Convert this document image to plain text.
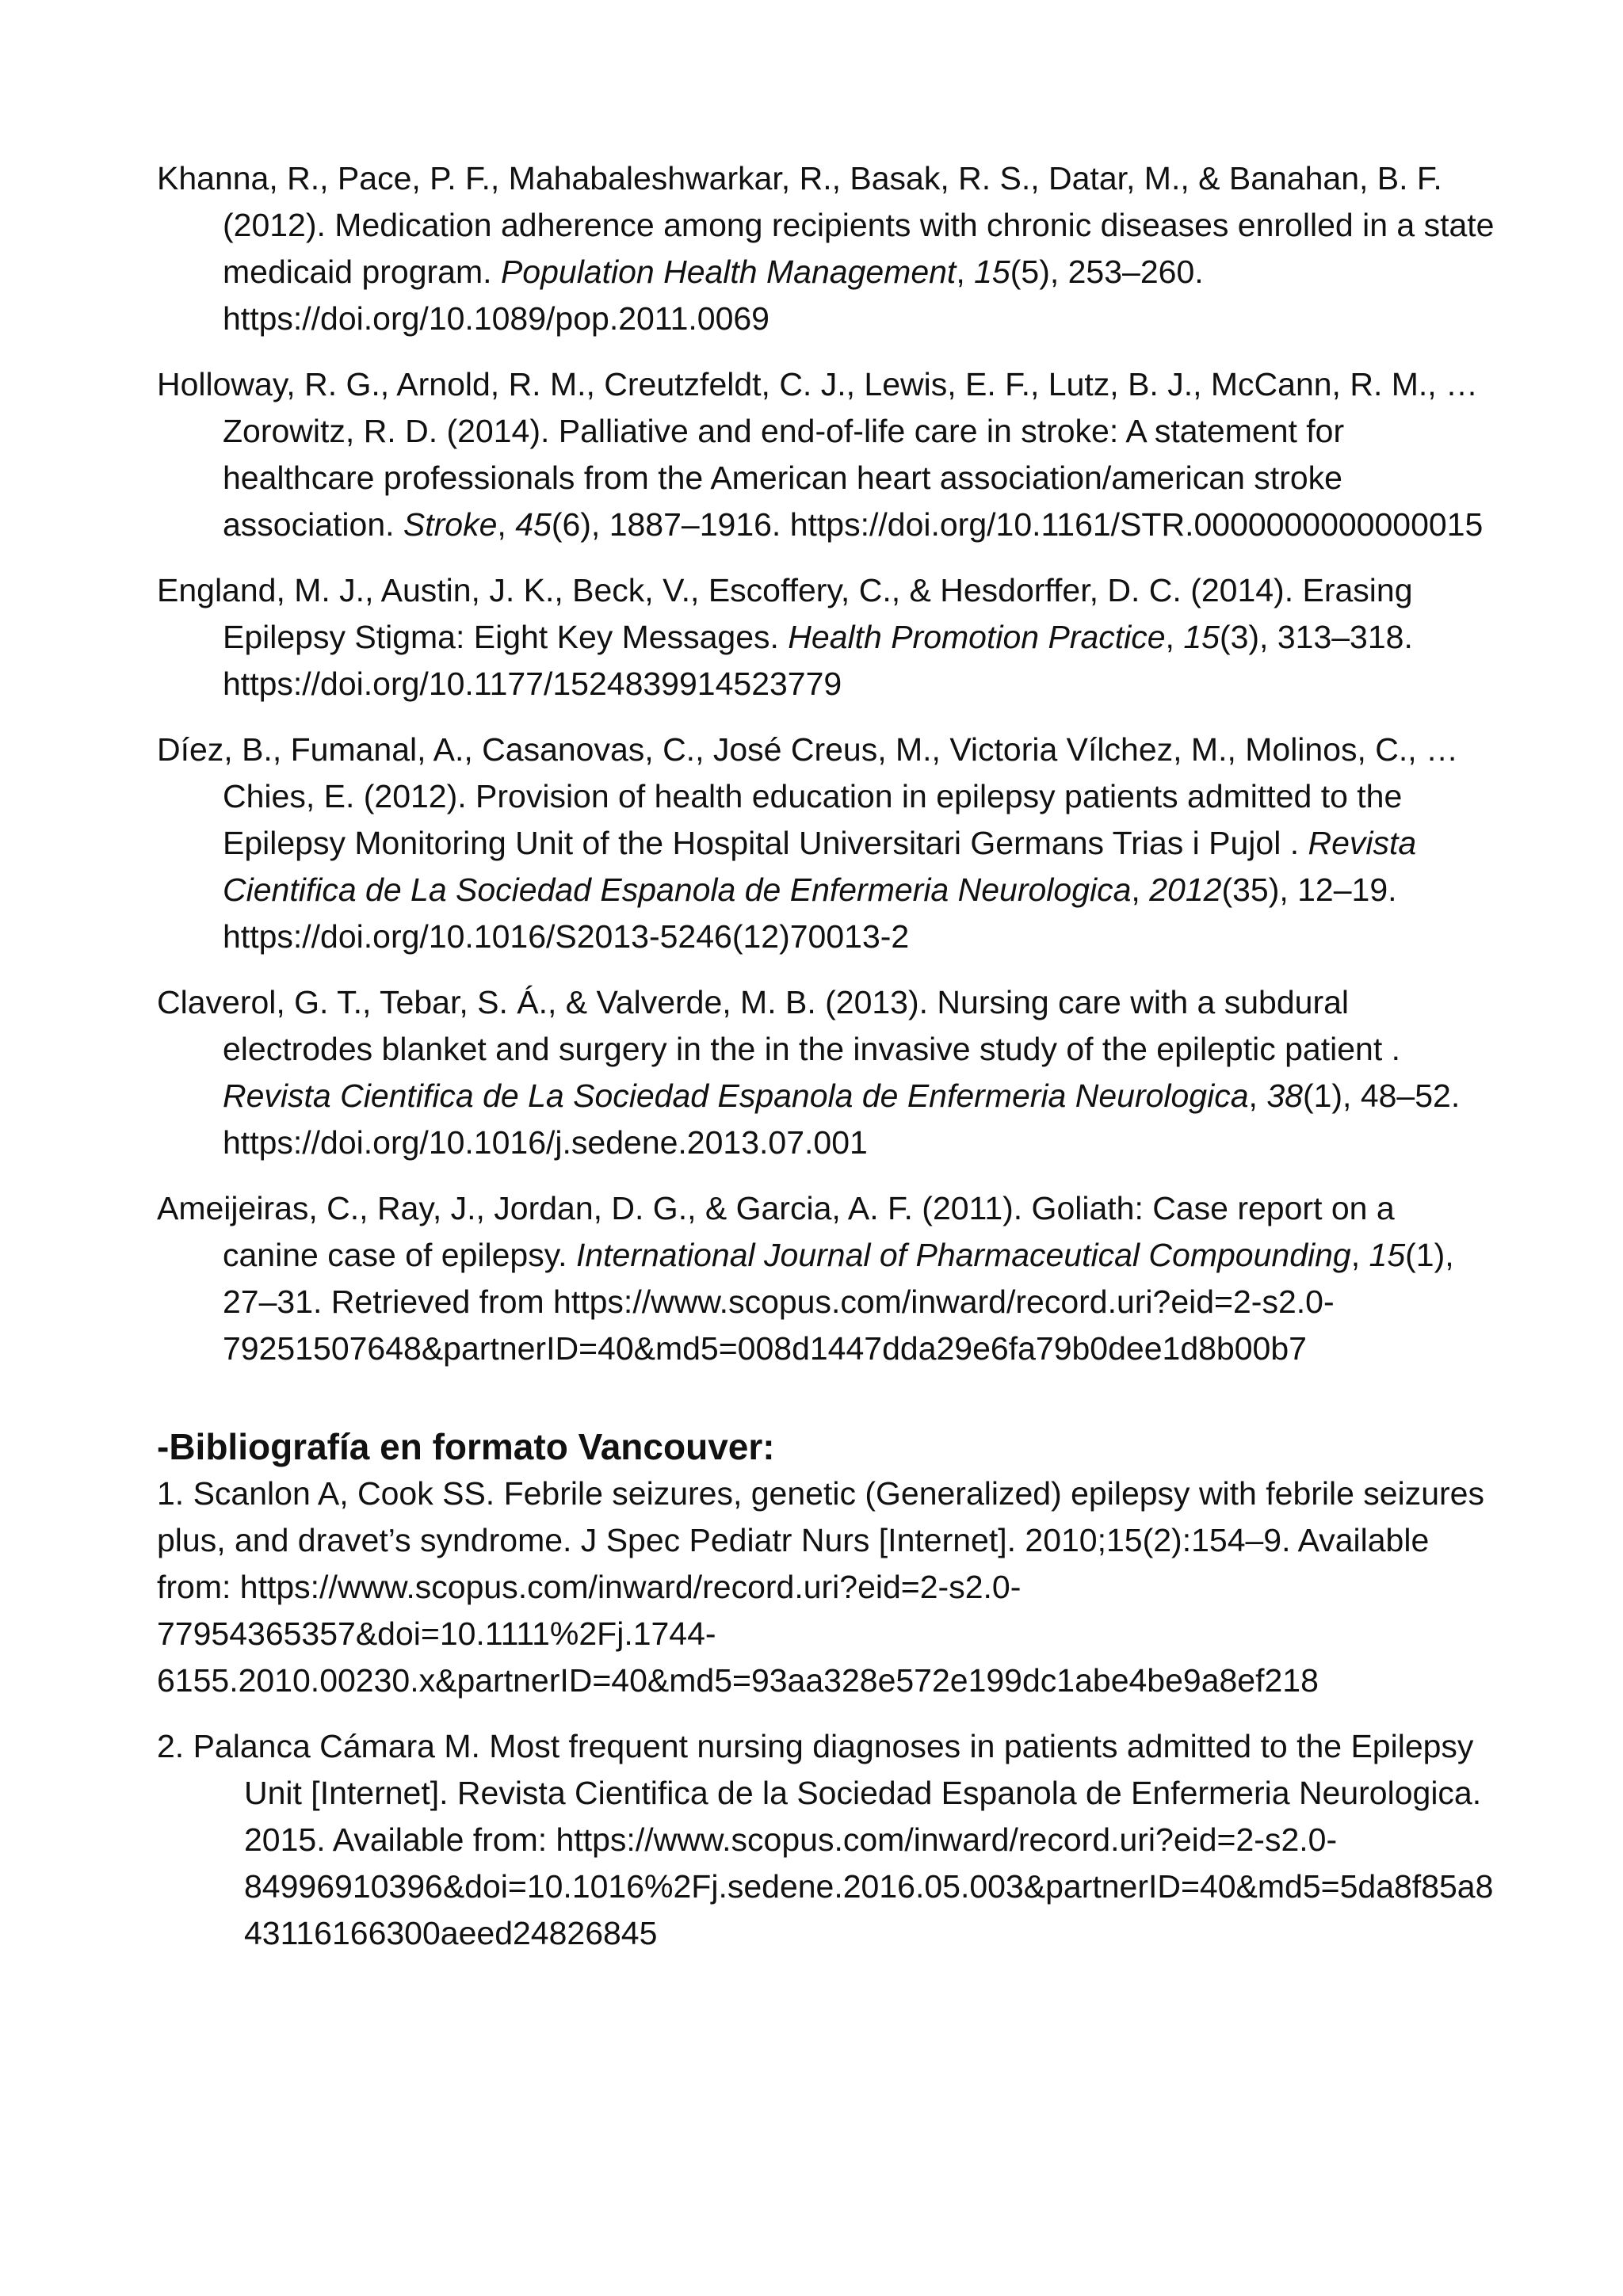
Khanna, R., Pace, P. F., Mahabaleshwarkar, R., Basak, R. S., Datar, M., & Banahan, B. F. (2012). Medication adherence among recipients with chronic diseases enrolled in a state medicaid program. Population Health Management, 15(5), 253–260. https://doi.org/10.1089/pop.2011.0069

Holloway, R. G., Arnold, R. M., Creutzfeldt, C. J., Lewis, E. F., Lutz, B. J., McCann, R. M., … Zorowitz, R. D. (2014). Palliative and end-of-life care in stroke: A statement for healthcare professionals from the American heart association/american stroke association. Stroke, 45(6), 1887–1916. https://doi.org/10.1161/STR.0000000000000015

England, M. J., Austin, J. K., Beck, V., Escoffery, C., & Hesdorffer, D. C. (2014). Erasing Epilepsy Stigma: Eight Key Messages. Health Promotion Practice, 15(3), 313–318. https://doi.org/10.1177/1524839914523779

Díez, B., Fumanal, A., Casanovas, C., José Creus, M., Victoria Vílchez, M., Molinos, C., … Chies, E. (2012). Provision of health education in epilepsy patients admitted to the Epilepsy Monitoring Unit of the Hospital Universitari Germans Trias i Pujol . Revista Cientifica de La Sociedad Espanola de Enfermeria Neurologica, 2012(35), 12–19. https://doi.org/10.1016/S2013-5246(12)70013-2

Claverol, G. T., Tebar, S. Á., & Valverde, M. B. (2013). Nursing care with a subdural electrodes blanket and surgery in the in the invasive study of the epileptic patient . Revista Cientifica de La Sociedad Espanola de Enfermeria Neurologica, 38(1), 48–52. https://doi.org/10.1016/j.sedene.2013.07.001

Ameijeiras, C., Ray, J., Jordan, D. G., & Garcia, A. F. (2011). Goliath: Case report on a canine case of epilepsy. International Journal of Pharmaceutical Compounding, 15(1), 27–31. Retrieved from https://www.scopus.com/inward/record.uri?eid=2-s2.0-79251507648&partnerID=40&md5=008d1447dda29e6fa79b0dee1d8b00b7

-Bibliografía en formato Vancouver:

1. Scanlon A, Cook SS. Febrile seizures, genetic (Generalized) epilepsy with febrile seizures plus, and dravet’s syndrome. J Spec Pediatr Nurs [Internet]. 2010;15(2):154–9. Available from: https://www.scopus.com/inward/record.uri?eid=2-s2.0-77954365357&doi=10.1111%2Fj.1744-6155.2010.00230.x&partnerID=40&md5=93aa328e572e199dc1abe4be9a8ef218

2. Palanca Cámara M. Most frequent nursing diagnoses in patients admitted to the Epilepsy Unit [Internet]. Revista Cientifica de la Sociedad Espanola de Enfermeria Neurologica. 2015. Available from: https://www.scopus.com/inward/record.uri?eid=2-s2.0-84996910396&doi=10.1016%2Fj.sedene.2016.05.003&partnerID=40&md5=5da8f85a843116166300aeed24826845
